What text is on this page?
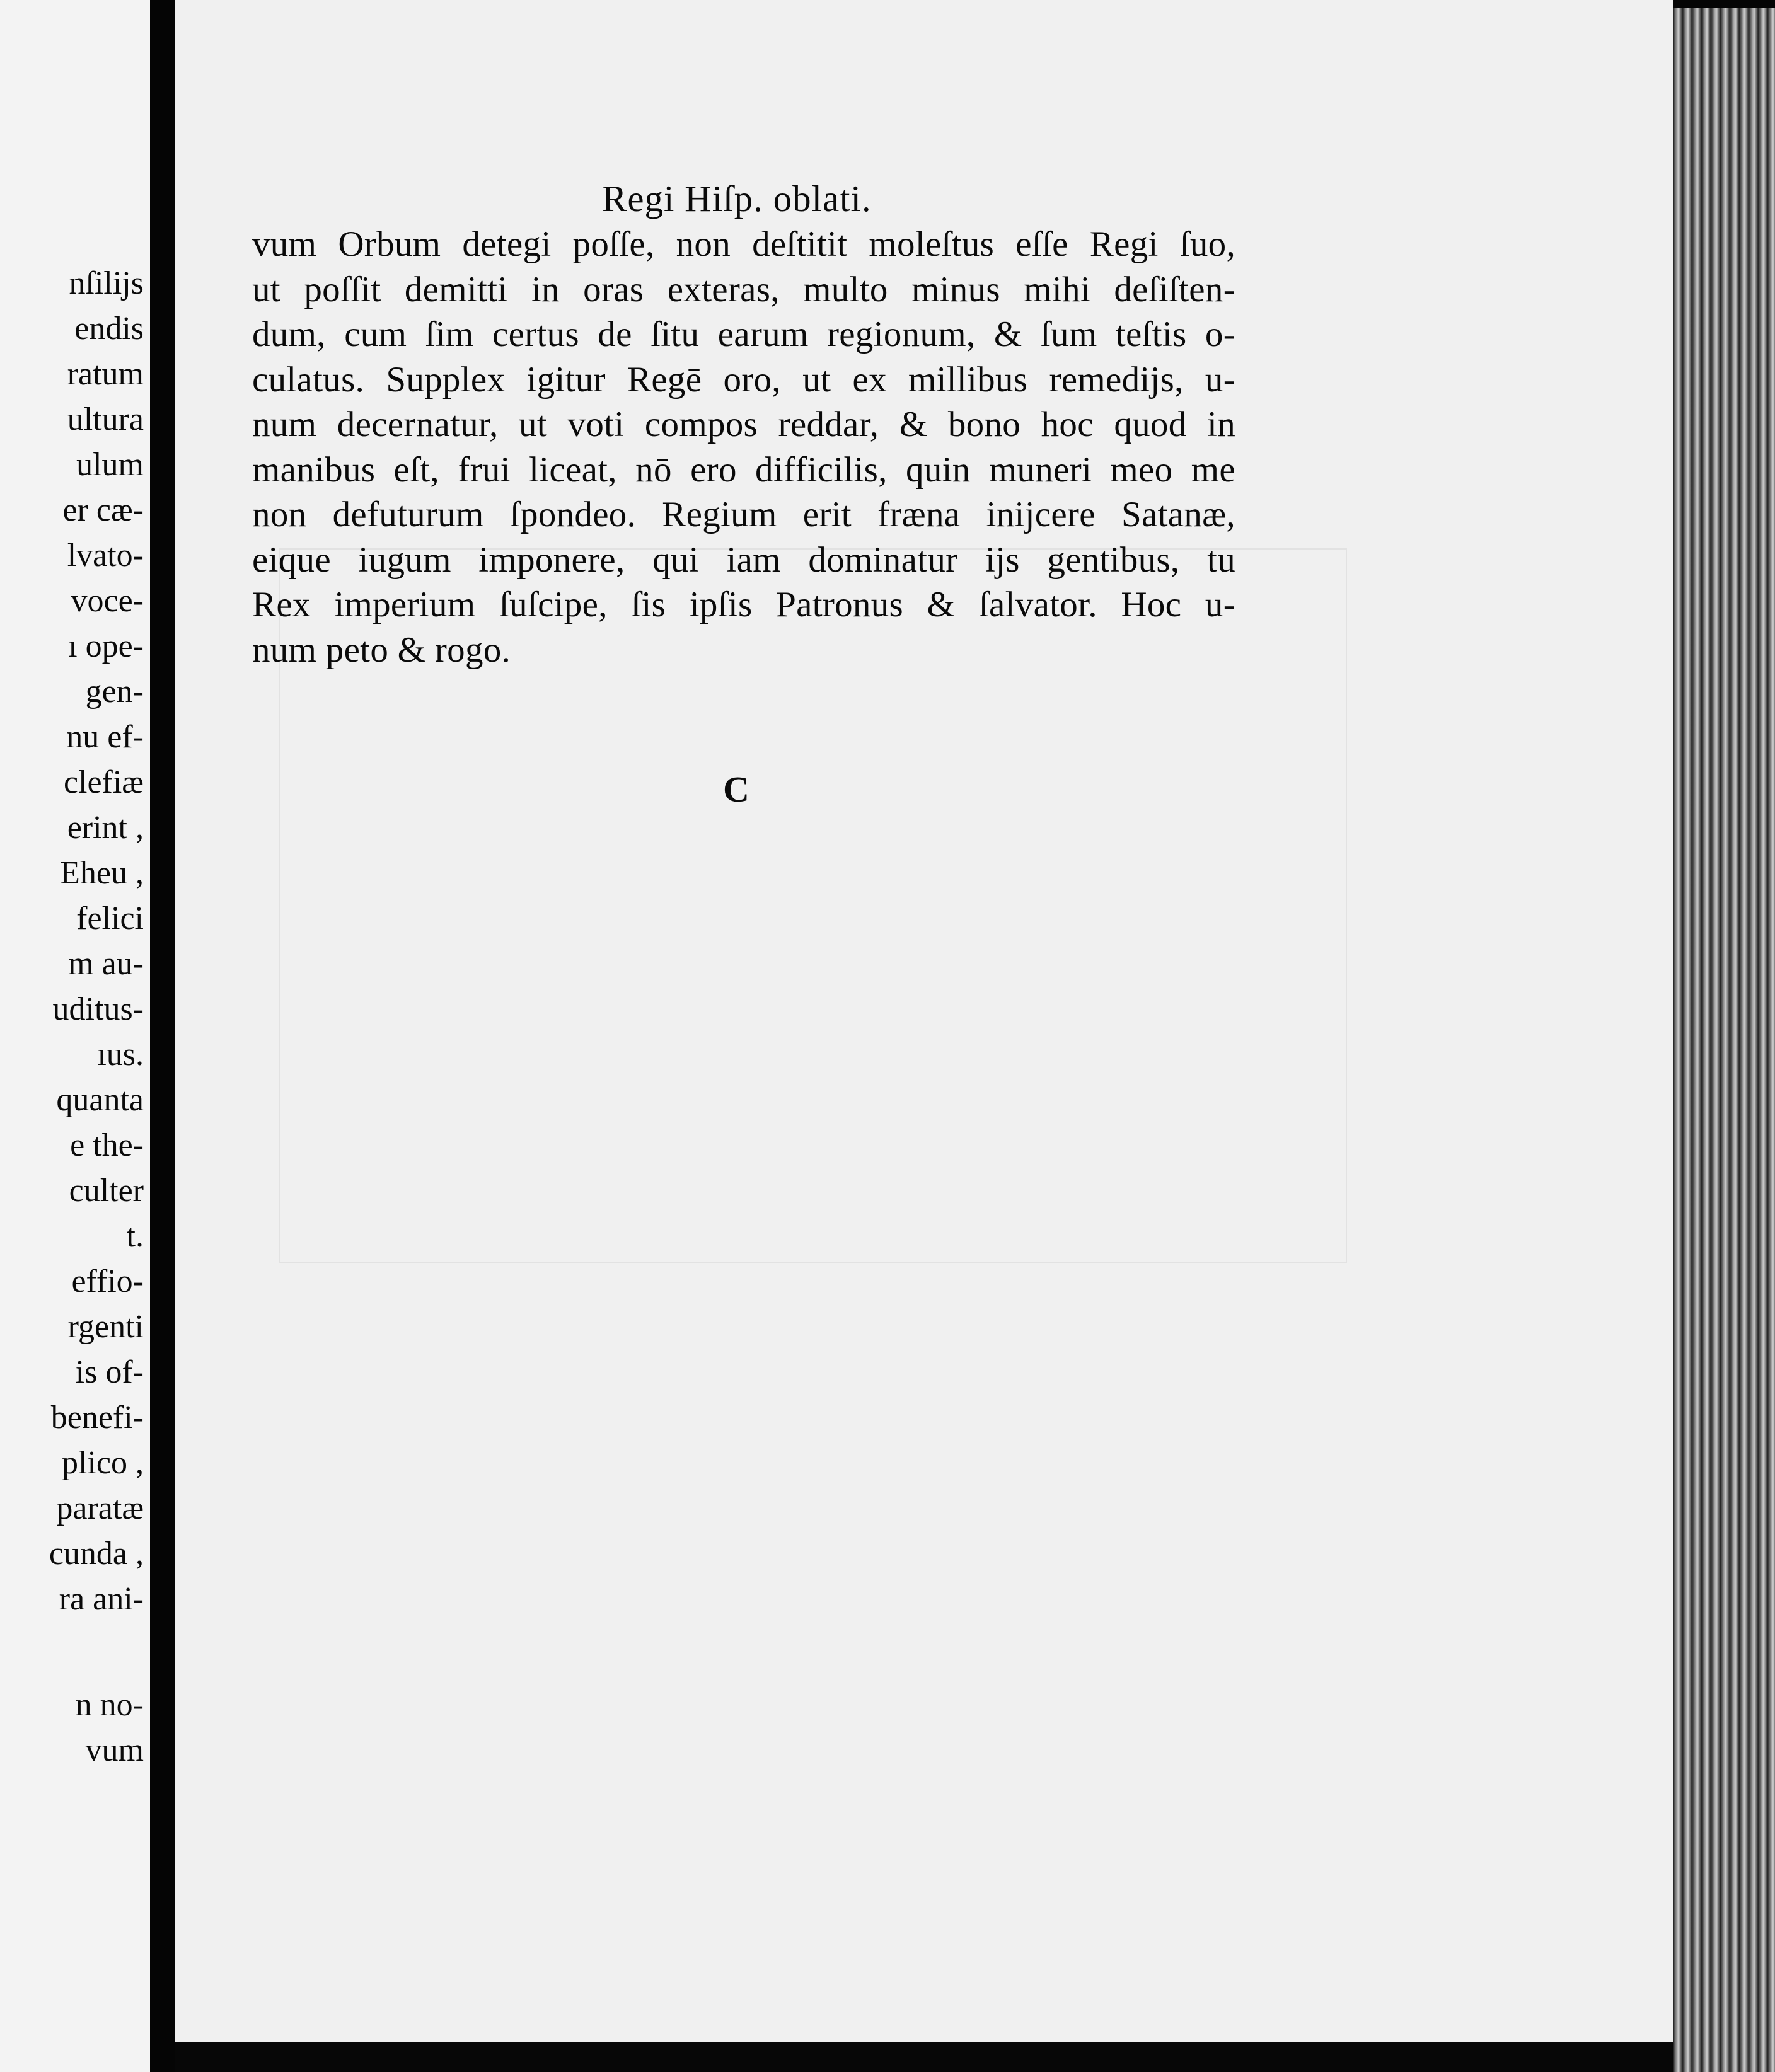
nſilijs
endis
ratum
ultura
ulum
er cæ-
lvato-
voce-
ı ope-
gen-
nu ef-
clefiæ
erint ,
Eheu ,
felici
m au-
uditus-
ıus.
quanta
e the-
culter
t.
effio-
rgenti
is of-
benefi-
plico ,
paratæ
cunda ,
ra ani-
n no-
vum
Regi Hiſp. oblati.
vum Orbum detegi poſſe, non deſtitit moleſtus eſſe Regi ſuo,
ut poſſit demitti in oras exteras, multo minus mihi deſiſten-
dum, cum ſim certus de ſitu earum regionum, & ſum teſtis o-
culatus. Supplex igitur Regē oro, ut ex millibus remedijs, u-
num decernatur, ut voti compos reddar, & bono hoc quod in
manibus eſt, frui liceat, nō ero difficilis, quin muneri meo me
non defuturum ſpondeo. Regium erit fræna inijcere Satanæ,
eique iugum imponere, qui iam dominatur ijs gentibus, tu
Rex imperium ſuſcipe, ſis ipſis Patronus & ſalvator. Hoc u-
num peto & rogo.
C
